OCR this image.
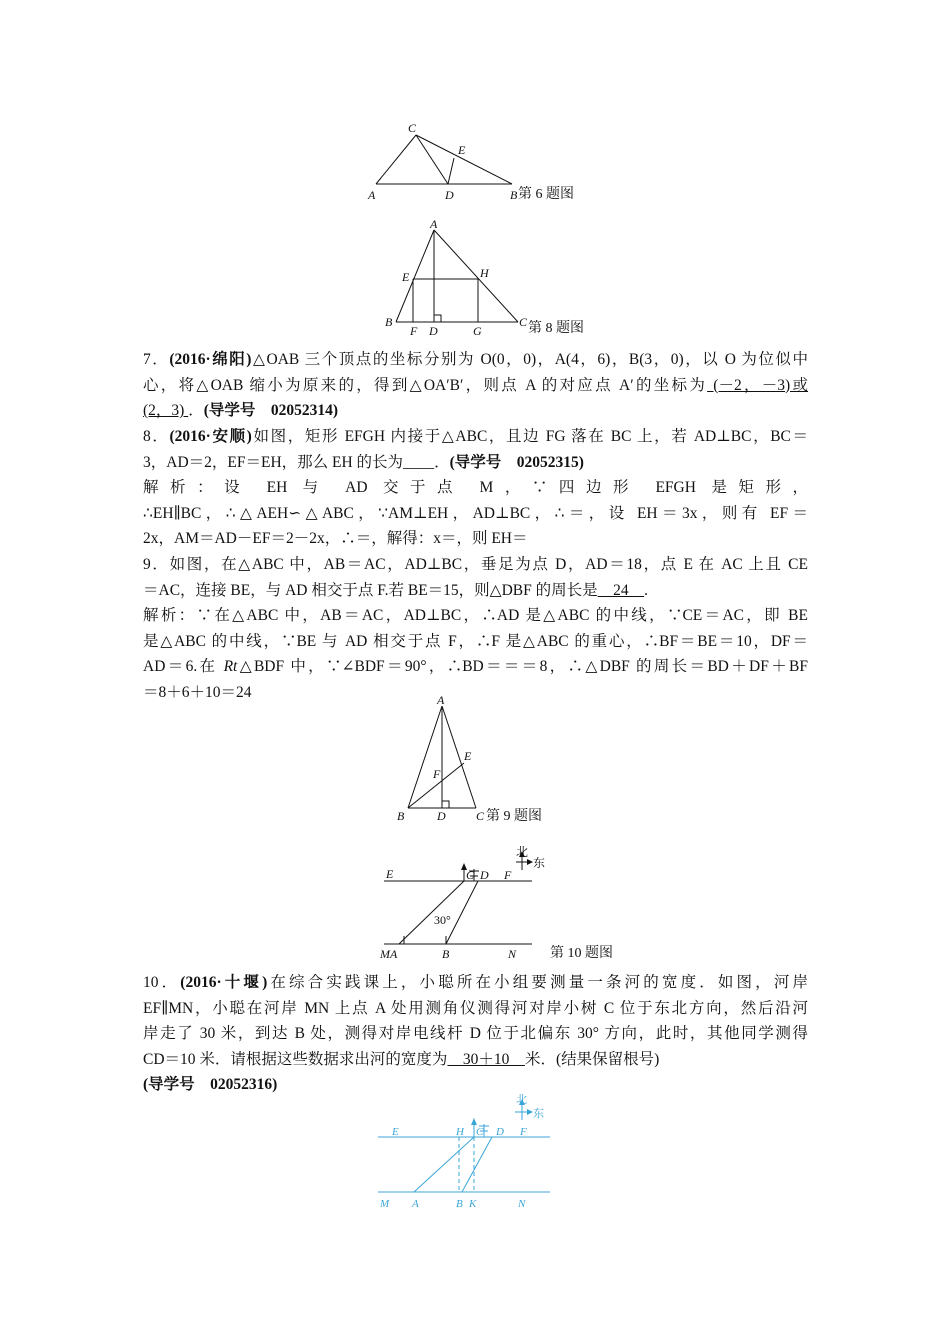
A
C
E
D	B 第 6 题图
A
E	H
B
F D	G
C 第 8 题图

7．(2016·绵阳)△OAB 三个顶点的坐标分别为 O(0，0)，A(4，6)，B(3，0)，以 O 为位似中

心，将△OAB 缩小为原来的，得到△OA′B′，则点 A 的对应点 A′的坐标为 (－2，－3)或

(2，3) ．(导学号　02052314)

8．(2016·安顺)如图，矩形 EFGH 内接于△ABC，且边 FG 落在 BC 上，若 AD⊥BC，BC＝

3，AD＝2，EF＝EH，那么 EH 的长为____．(导学号　02052315)

解析：设 EH 与 AD 交于点 M，∵四边形 EFGH 是矩形，

∴EH∥BC，∴△AEH∽△ABC，∵AM⊥EH，AD⊥BC，∴＝，设 EH＝3x，则有 EF＝

2x，AM＝AD－EF＝2－2x，∴＝，解得：x＝，则 EH＝

9．如图，在△ABC 中，AB＝AC，AD⊥BC，垂足为点 D，AD＝18，点 E 在 AC 上且 CE

＝AC，连接 BE，与 AD 相交于点 F.若 BE＝15，则△DBF 的周长是　24　.

解析：∵在△ABC 中，AB＝AC，AD⊥BC，∴AD 是△ABC 的中线，∵CE＝AC，即 BE

是△ABC 的中线，∵BE 与 AD 相交于点 F，∴F 是△ABC 的重心，∴BF＝BE＝10，DF＝

AD＝6.在 Rt△BDF 中，∵∠BDF＝90°，∴BD＝＝＝8，∴△DBF 的周长＝BD＋DF＋BF

＝8＋6＋10＝24	A
E
F
B	D	C 第 9 题图
E	C D F
M A	B	N
30°
北
东
第 10 题图

10．(2016·十堰)在综合实践课上，小聪所在小组要测量一条河的宽度．如图，河岸

EF∥MN，小聪在河岸 MN 上点 A 处用测角仪测得河对岸小树 C 位于东北方向，然后沿河

岸走了 30 米，到达 B 处，测得对岸电线杆 D 位于北偏东 30° 方向，此时，其他同学测得

CD＝10 米．请根据这些数据求出河的宽度为　30＋10　米．(结果保留根号)

(导学号　02052316)

E	H C D F
M A	B K	N
北
东
